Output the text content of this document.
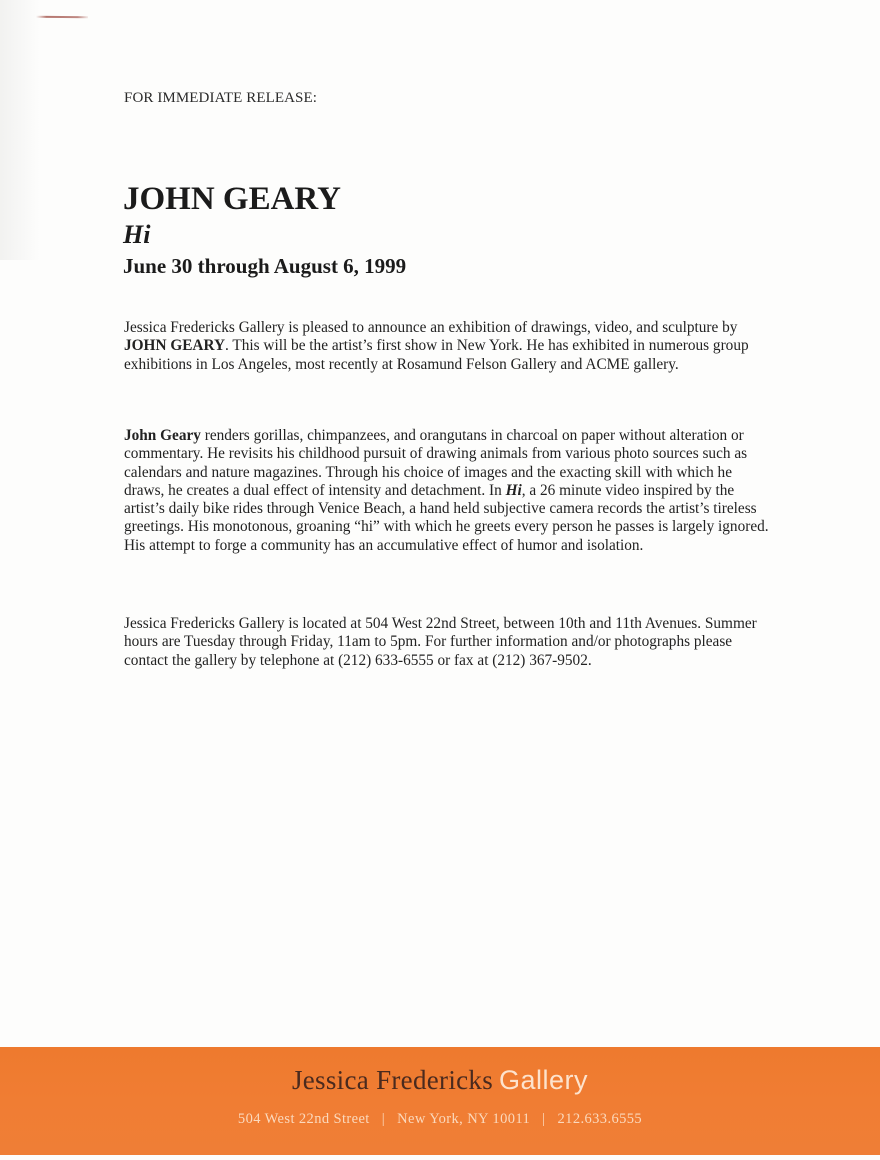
FOR IMMEDIATE RELEASE:
JOHN GEARY
Hi
June 30 through August 6, 1999

Jessica Fredericks Gallery is pleased to announce an exhibition of drawings, video, and sculpture by JOHN GEARY. This will be the artist’s first show in New York. He has exhibited in numerous group exhibitions in Los Angeles, most recently at Rosamund Felson Gallery and ACME gallery.

John Geary renders gorillas, chimpanzees, and orangutans in charcoal on paper without alteration or commentary. He revisits his childhood pursuit of drawing animals from various photo sources such as calendars and nature magazines. Through his choice of images and the exacting skill with which he draws, he creates a dual effect of intensity and detachment. In Hi, a 26 minute video inspired by the artist’s daily bike rides through Venice Beach, a hand held subjective camera records the artist’s tireless greetings. His monotonous, groaning “hi” with which he greets every person he passes is largely ignored. His attempt to forge a community has an accumulative effect of humor and isolation.

Jessica Fredericks Gallery is located at 504 West 22nd Street, between 10th and 11th Avenues. Summer hours are Tuesday through Friday, 11am to 5pm. For further information and/or photographs please contact the gallery by telephone at (212) 633-6555 or fax at (212) 367-9502.

Jessica Fredericks Gallery
504 West 22nd Street | New York, NY 10011 | 212.633.6555
